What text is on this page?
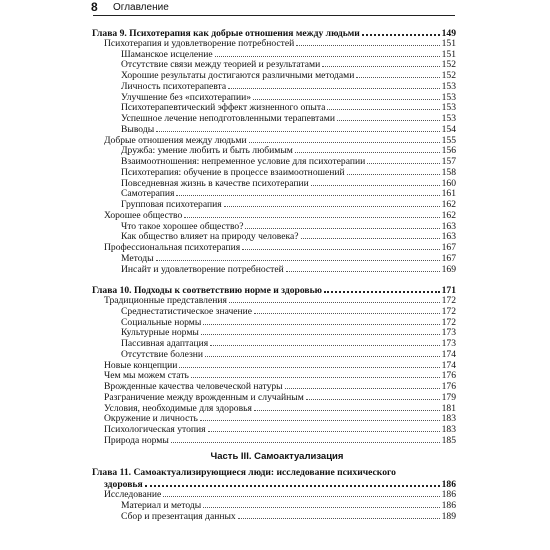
8 Оглавление
Глава 9. Психотерапия как добрые отношения между людьми	149
Психотерапия и удовлетворение потребностей	151
Шаманское исцеление	151
Отсутствие связи между теорией и результатами	152
Хорошие результаты достигаются различными методами	152
Личность психотерапевта	153
Улучшение без «психотерапии»	153
Психотерапевтический эффект жизненного опыта	153
Успешное лечение неподготовленными терапевтами	153
Выводы	154
Добрые отношения между людьми	155
Дружба: умение любить и быть любимым	156
Взаимоотношения: непременное условие для психотерапии	157
Психотерапия: обучение в процессе взаимоотношений	158
Повседневная жизнь в качестве психотерапии	160
Самотерапия	161
Групповая психотерапия	162
Хорошее общество	162
Что такое хорошее общество?	163
Как общество влияет на природу человека?	163
Профессиональная психотерапия	167
Методы	167
Инсайт и удовлетворение потребностей	169
Глава 10. Подходы к соответствию норме и здоровью	171
Традиционные представления	172
Среднестатистическое значение	172
Социальные нормы	172
Культурные нормы	173
Пассивная адаптация	173
Отсутствие болезни	174
Новые концепции	174
Чем мы можем стать	176
Врожденные качества человеческой натуры	176
Разграничение между врожденным и случайным	179
Условия, необходимые для здоровья	181
Окружение и личность	183
Психологическая утопия	183
Природа нормы	185
Часть III. Самоактуализация
Глава 11. Самоактуализирующиеся люди: исследование психического
здоровья	186
Исследование	186
Материал и методы	186
Сбор и презентация данных	189
